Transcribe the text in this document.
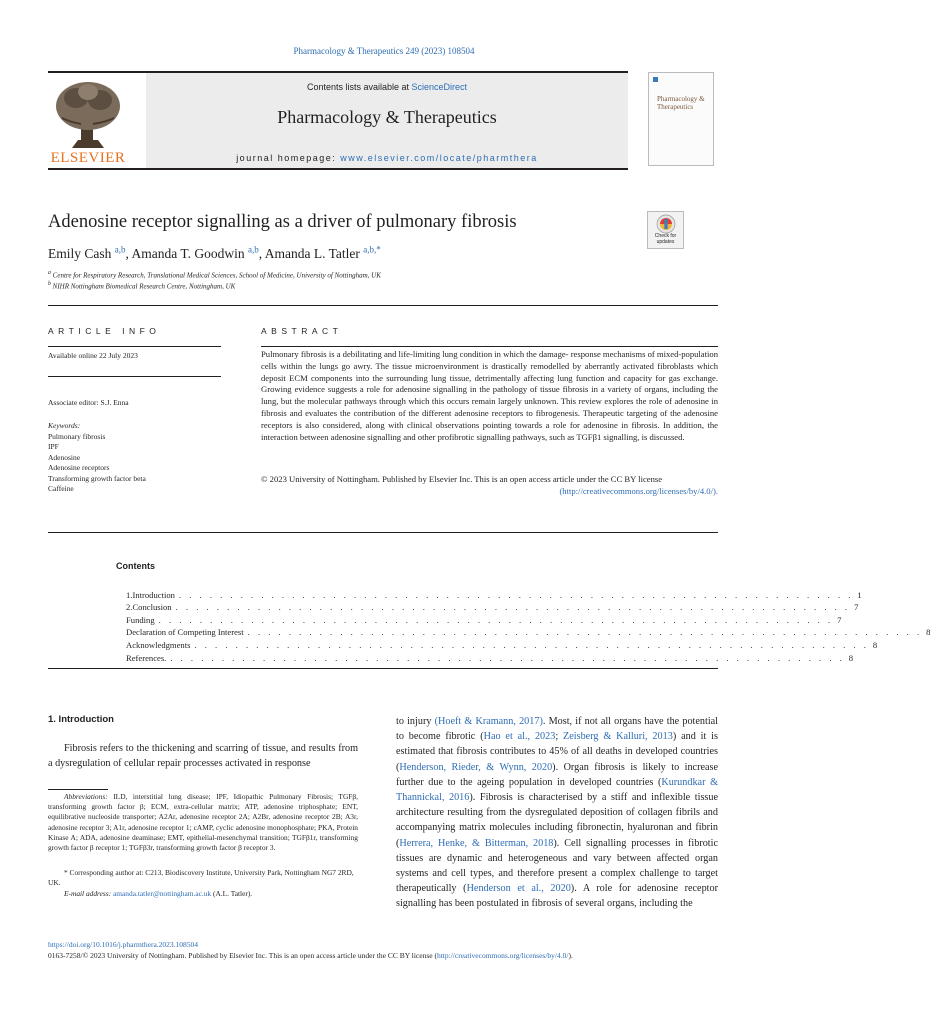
Pharmacology & Therapeutics 249 (2023) 108504
ELSEVIER
Contents lists available at ScienceDirect
Pharmacology & Therapeutics
journal homepage: www.elsevier.com/locate/pharmthera
Pharmacology & Therapeutics
Adenosine receptor signalling as a driver of pulmonary fibrosis
Check for updates
Emily Cash $^{a,b}$, Amanda T. Goodwin $^{a,b}$, Amanda L. Tatler $^{a,b,*}$
$^a$ Centre for Respiratory Research, Translational Medical Sciences, School of Medicine, University of Nottingham, UK
$^b$ NIHR Nottingham Biomedical Research Centre, Nottingham, UK
ARTICLE INFO
Available online 22 July 2023
Associate editor: S.J. Enna
Keywords:
Pulmonary fibrosis
IPF
Adenosine
Adenosine receptors
Transforming growth factor beta
Caffeine
ABSTRACT
Pulmonary fibrosis is a debilitating and life-limiting lung condition in which the damage- response mechanisms of mixed-population cells within the lungs go awry. The tissue microenvironment is drastically remodelled by aberrantly activated fibroblasts which deposit ECM components into the surrounding lung tissue, detrimentally affecting lung function and capacity for gas exchange. Growing evidence suggests a role for adenosine signalling in the pathology of tissue fibrosis in a variety of organs, including the lung, but the molecular pathways through which this occurs remain largely unknown. This review explores the role of adenosine in fibrosis and evaluates the contribution of the different adenosine receptors to fibrogenesis. Therapeutic targeting of the adenosine receptors is also considered, along with clinical observations pointing towards a role for adenosine in fibrosis. In addition, the interaction between adenosine signalling and other profibrotic signalling pathways, such as TGFβ1 signalling, is discussed.
© 2023 University of Nottingham. Published by Elsevier Inc. This is an open access article under the CC BY license
(http://creativecommons.org/licenses/by/4.0/).
Contents
1. Introduction . . . . . . . . . . . . . . . . . . . . . . . . . . . . . . . . . . . . . . . . . . . . . . . . . . . . . . . . . . . . . . . . . . 1
2. Conclusion . . . . . . . . . . . . . . . . . . . . . . . . . . . . . . . . . . . . . . . . . . . . . . . . . . . . . . . . . . . . . . . . . . 7
Funding . . . . . . . . . . . . . . . . . . . . . . . . . . . . . . . . . . . . . . . . . . . . . . . . . . . . . . . . . . . . . . . . . . 7
Declaration of Competing Interest . . . . . . . . . . . . . . . . . . . . . . . . . . . . . . . . . . . . . . . . . . . . . . . . . . . . . . . . . . . . . . . . . . 8
Acknowledgments . . . . . . . . . . . . . . . . . . . . . . . . . . . . . . . . . . . . . . . . . . . . . . . . . . . . . . . . . . . . . . . . . . 8
References. . . . . . . . . . . . . . . . . . . . . . . . . . . . . . . . . . . . . . . . . . . . . . . . . . . . . . . . . . . . . . . . . . . 8
1. Introduction
Fibrosis refers to the thickening and scarring of tissue, and results from a dysregulation of cellular repair processes activated in response
Abbreviations: ILD, interstitial lung disease; IPF, Idiopathic Pulmonary Fibrosis; TGFβ, transforming growth factor β; ECM, extra-cellular matrix; ATP, adenosine triphosphate; ENT, equilibrative nucleoside transporter; A2Ar, adenosine receptor 2A; A2Br, adenosine receptor 2B; A3r, adenosine receptor 3; A1r, adenosine receptor 1; cAMP, cyclic adenosine monophosphate; PKA, Protein Kinase A; ADA, adenosine deaminase; EMT, epithelial-mesenchymal transition; TGFβ1r, transforming growth factor β receptor 1; TGFβ3r, transforming growth factor β receptor 3.
* Corresponding author at: C213, Biodiscovery Institute, University Park, Nottingham NG7 2RD, UK.
E-mail address: amanda.tatler@nottingham.ac.uk (A.L. Tatler).
to injury (Hoeft & Kramann, 2017). Most, if not all organs have the potential to become fibrotic (Hao et al., 2023; Zeisberg & Kalluri, 2013) and it is estimated that fibrosis contributes to 45% of all deaths in developed countries (Henderson, Rieder, & Wynn, 2020). Organ fibrosis is likely to increase further due to the ageing population in developed countries (Kurundkar & Thannickal, 2016). Fibrosis is characterised by a stiff and inflexible tissue architecture resulting from the dysregulated deposition of collagen fibrils and accompanying matrix molecules including fibronectin, hyaluronan and fibrin (Herrera, Henke, & Bitterman, 2018). Cell signalling processes in fibrotic tissues are dynamic and heterogeneous and vary between affected organ systems and cell types, and therefore present a complex challenge to target therapeutically (Henderson et al., 2020). A role for adenosine receptor signalling has been postulated in fibrosis of several organs, including the
https://doi.org/10.1016/j.pharmthera.2023.108504
0163-7258/© 2023 University of Nottingham. Published by Elsevier Inc. This is an open access article under the CC BY license (http://creativecommons.org/licenses/by/4.0/).
